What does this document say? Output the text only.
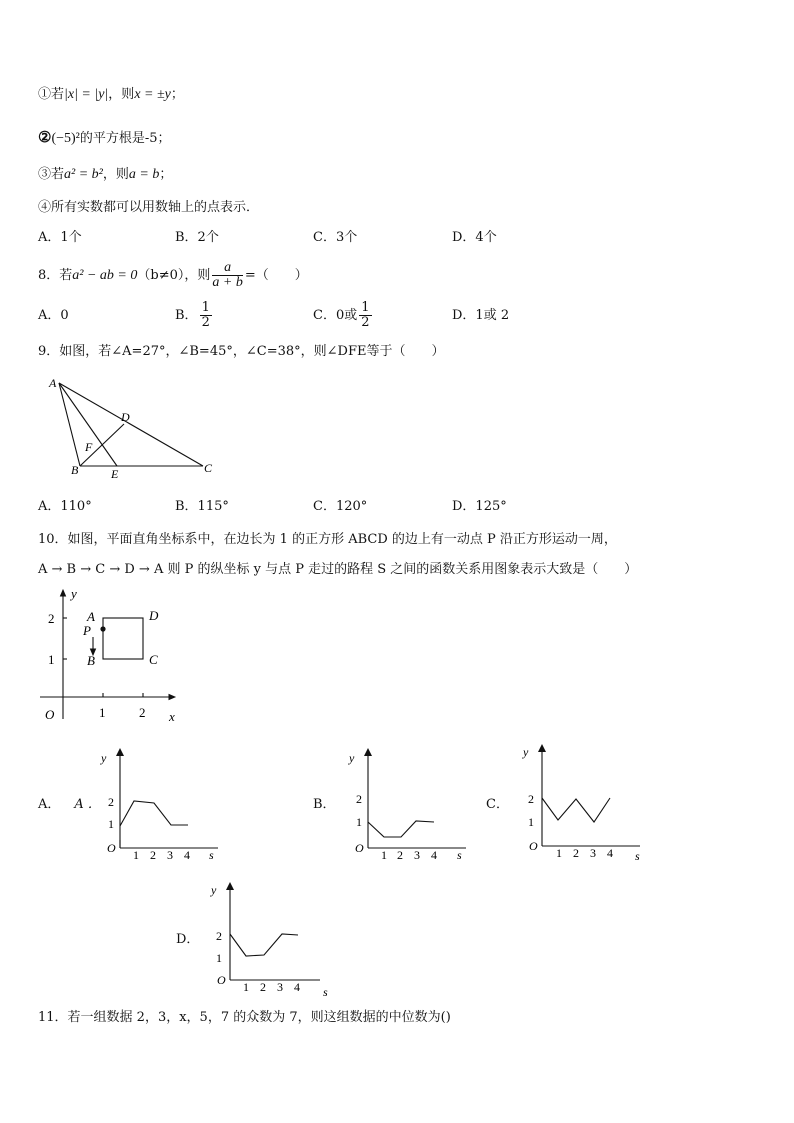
①若|x| = |y|，则x = ±y；
②(−5)²的平方根是-5；
③若a² = b²，则a = b；
④所有实数都可以用数轴上的点表示．
A．1个	B．2个	C．3个	D．4个
8．若a² − ab = 0（b≠0），则 $\frac{a}{a + b}$ =（　　）
A．0	B． $\frac{1}{2}$	C．0或 $\frac{1}{2}$	D．1或 2
9．如图，若∠A=27°，∠B=45°，∠C=38°，则∠DFE等于（　　）
A
D
F
B	E	C
A．110°	B．115°	C．120°	D．125°
10．如图，平面直角坐标系中，在边长为 1 的正方形 ABCD 的边上有一动点 P 沿正方形运动一周，
A → B → C → D → A 则 P 的纵坐标 y 与点 P 走过的路程 S 之间的函数关系用图象表示大致是（　　）
y
x
O
2
1
1	2
A
P
B
D
C
A． A ．	B．	C．
D．
y
2
1
O 1 2 3 4 s
y
2
1
O 1 2 3 4 s
y
2
1
O 1 2 3 4 s
y
2
1
O 1 2 3 4 s
11．若一组数据 2，3，x，5，7 的众数为 7，则这组数据的中位数为()
